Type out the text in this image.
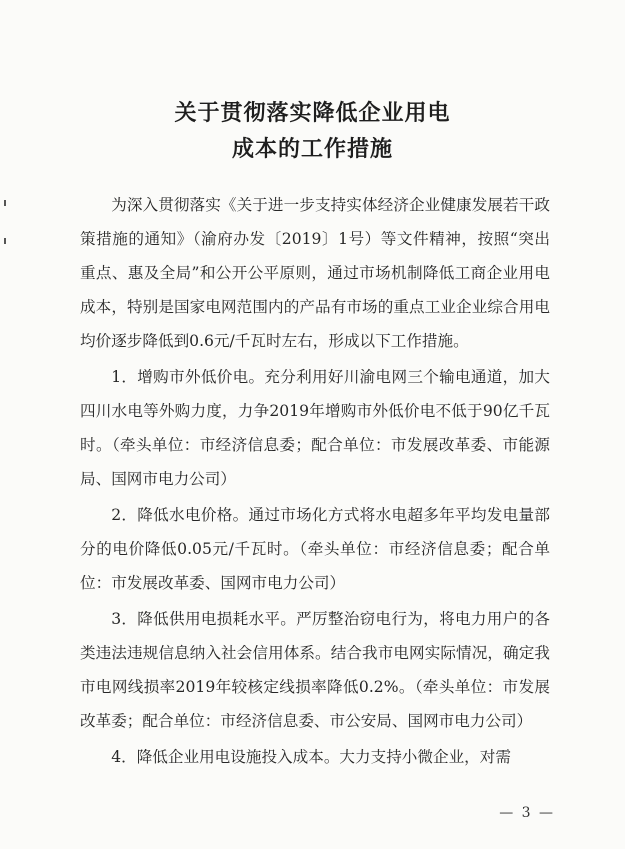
关于贯彻落实降低企业用电
成本的工作措施

为深入贯彻落实《关于进一步支持实体经济企业健康发展若干政策措施的通知》（渝府办发〔2019〕1号）等文件精神，按照“突出重点、惠及全局”和公开公平原则，通过市场机制降低工商企业用电成本，特别是国家电网范围内的产品有市场的重点工业企业综合用电均价逐步降低到0.6元/千瓦时左右，形成以下工作措施。

1．增购市外低价电。充分利用好川渝电网三个输电通道，加大四川水电等外购力度，力争2019年增购市外低价电不低于90亿千瓦时。（牵头单位：市经济信息委；配合单位：市发展改革委、市能源局、国网市电力公司）

2．降低水电价格。通过市场化方式将水电超多年平均发电量部分的电价降低0.05元/千瓦时。（牵头单位：市经济信息委；配合单位：市发展改革委、国网市电力公司）

3．降低供用电损耗水平。严厉整治窃电行为，将电力用户的各类违法违规信息纳入社会信用体系。结合我市电网实际情况，确定我市电网线损率2019年较核定线损率降低0.2%。（牵头单位：市发展改革委；配合单位：市经济信息委、市公安局、国网市电力公司）

4．降低企业用电设施投入成本。大力支持小微企业，对需

— 3 —
